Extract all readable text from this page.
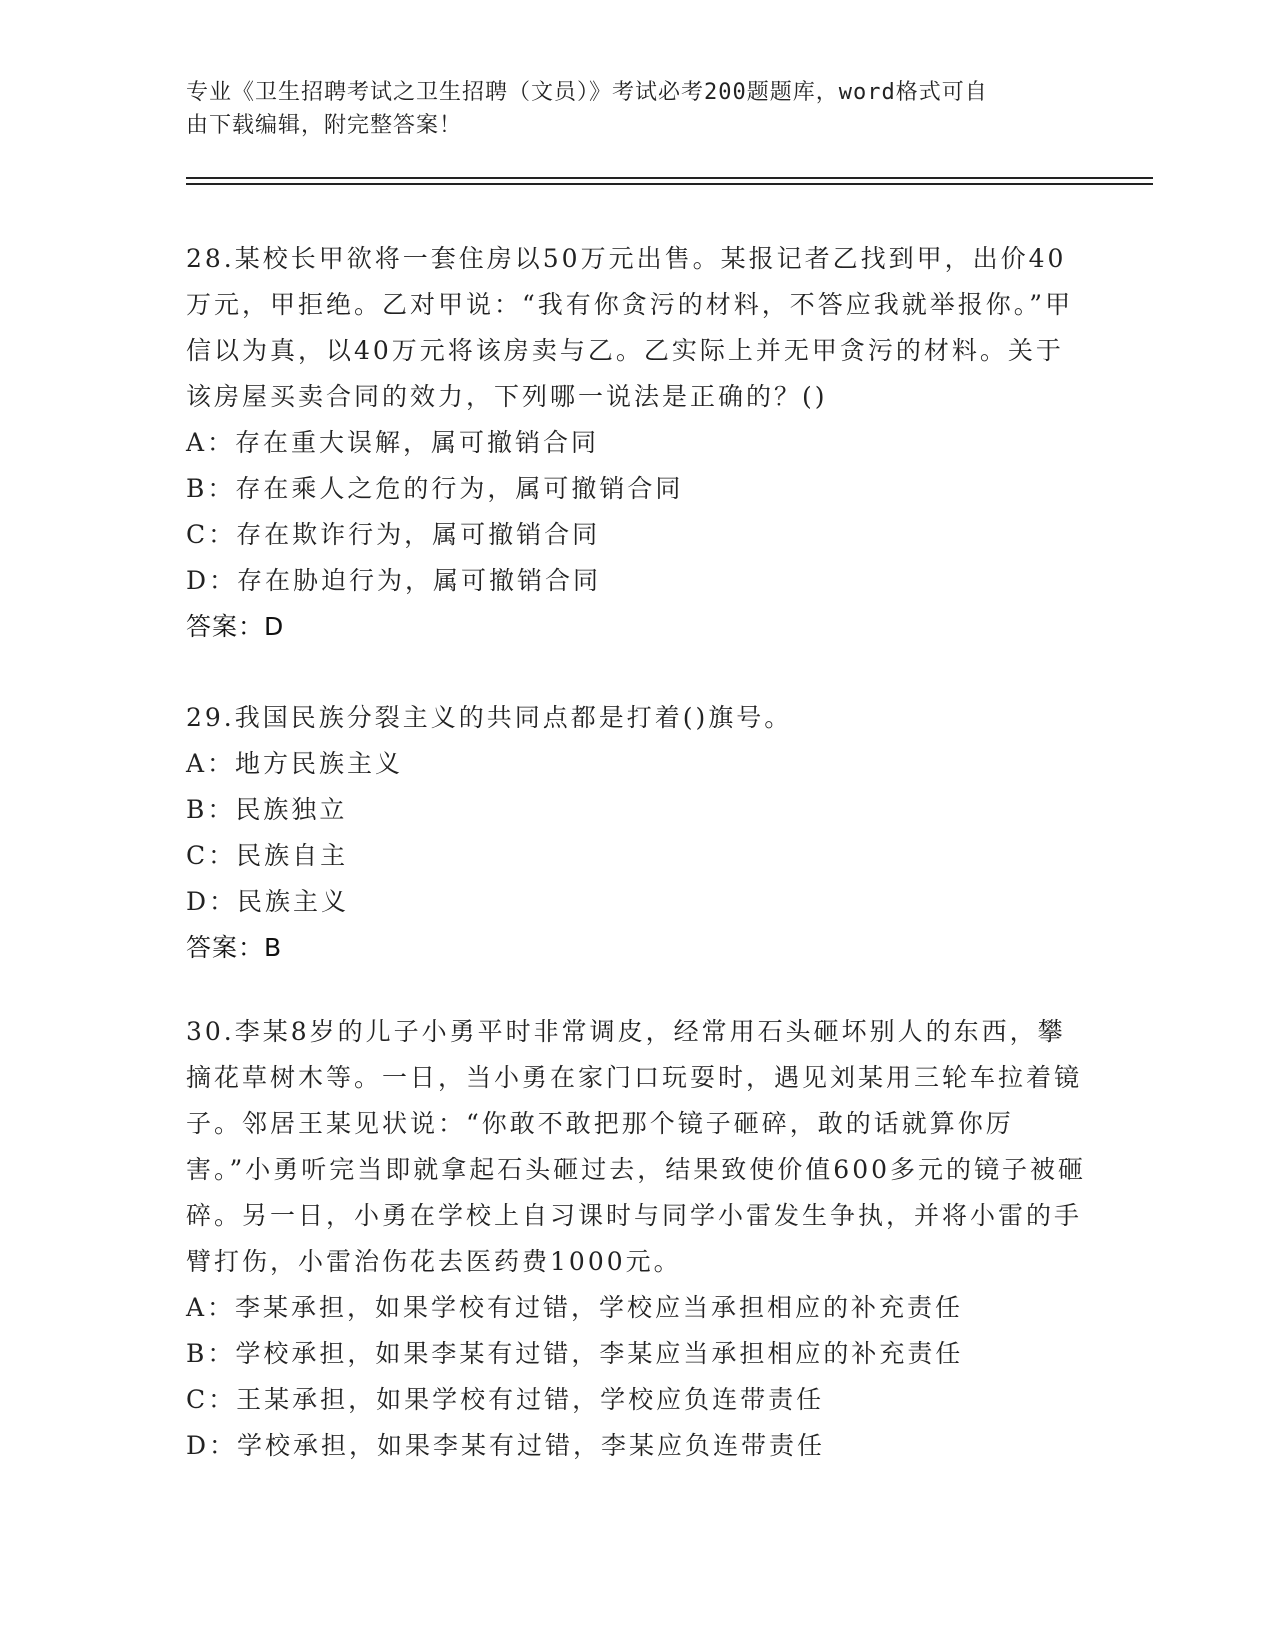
专业《卫生招聘考试之卫生招聘（文员）》考试必考200题题库，word格式可自
由下载编辑，附完整答案！
28.某校长甲欲将一套住房以50万元出售。某报记者乙找到甲，出价40万元，甲拒绝。乙对甲说：“我有你贪污的材料，不答应我就举报你。”甲信以为真，以40万元将该房卖与乙。乙实际上并无甲贪污的材料。关于该房屋买卖合同的效力，下列哪一说法是正确的？()
A：存在重大误解，属可撤销合同
B：存在乘人之危的行为，属可撤销合同
C：存在欺诈行为，属可撤销合同
D：存在胁迫行为，属可撤销合同
答案：D
29.我国民族分裂主义的共同点都是打着()旗号。
A：地方民族主义
B：民族独立
C：民族自主
D：民族主义
答案：B
30.李某8岁的儿子小勇平时非常调皮，经常用石头砸坏别人的东西，攀摘花草树木等。一日，当小勇在家门口玩耍时，遇见刘某用三轮车拉着镜子。邻居王某见状说：“你敢不敢把那个镜子砸碎，敢的话就算你厉害。”小勇听完当即就拿起石头砸过去，结果致使价值600多元的镜子被砸碎。另一日，小勇在学校上自习课时与同学小雷发生争执，并将小雷的手臂打伤，小雷治伤花去医药费1000元。
A：李某承担，如果学校有过错，学校应当承担相应的补充责任
B：学校承担，如果李某有过错，李某应当承担相应的补充责任
C：王某承担，如果学校有过错，学校应负连带责任
D：学校承担，如果李某有过错，李某应负连带责任
